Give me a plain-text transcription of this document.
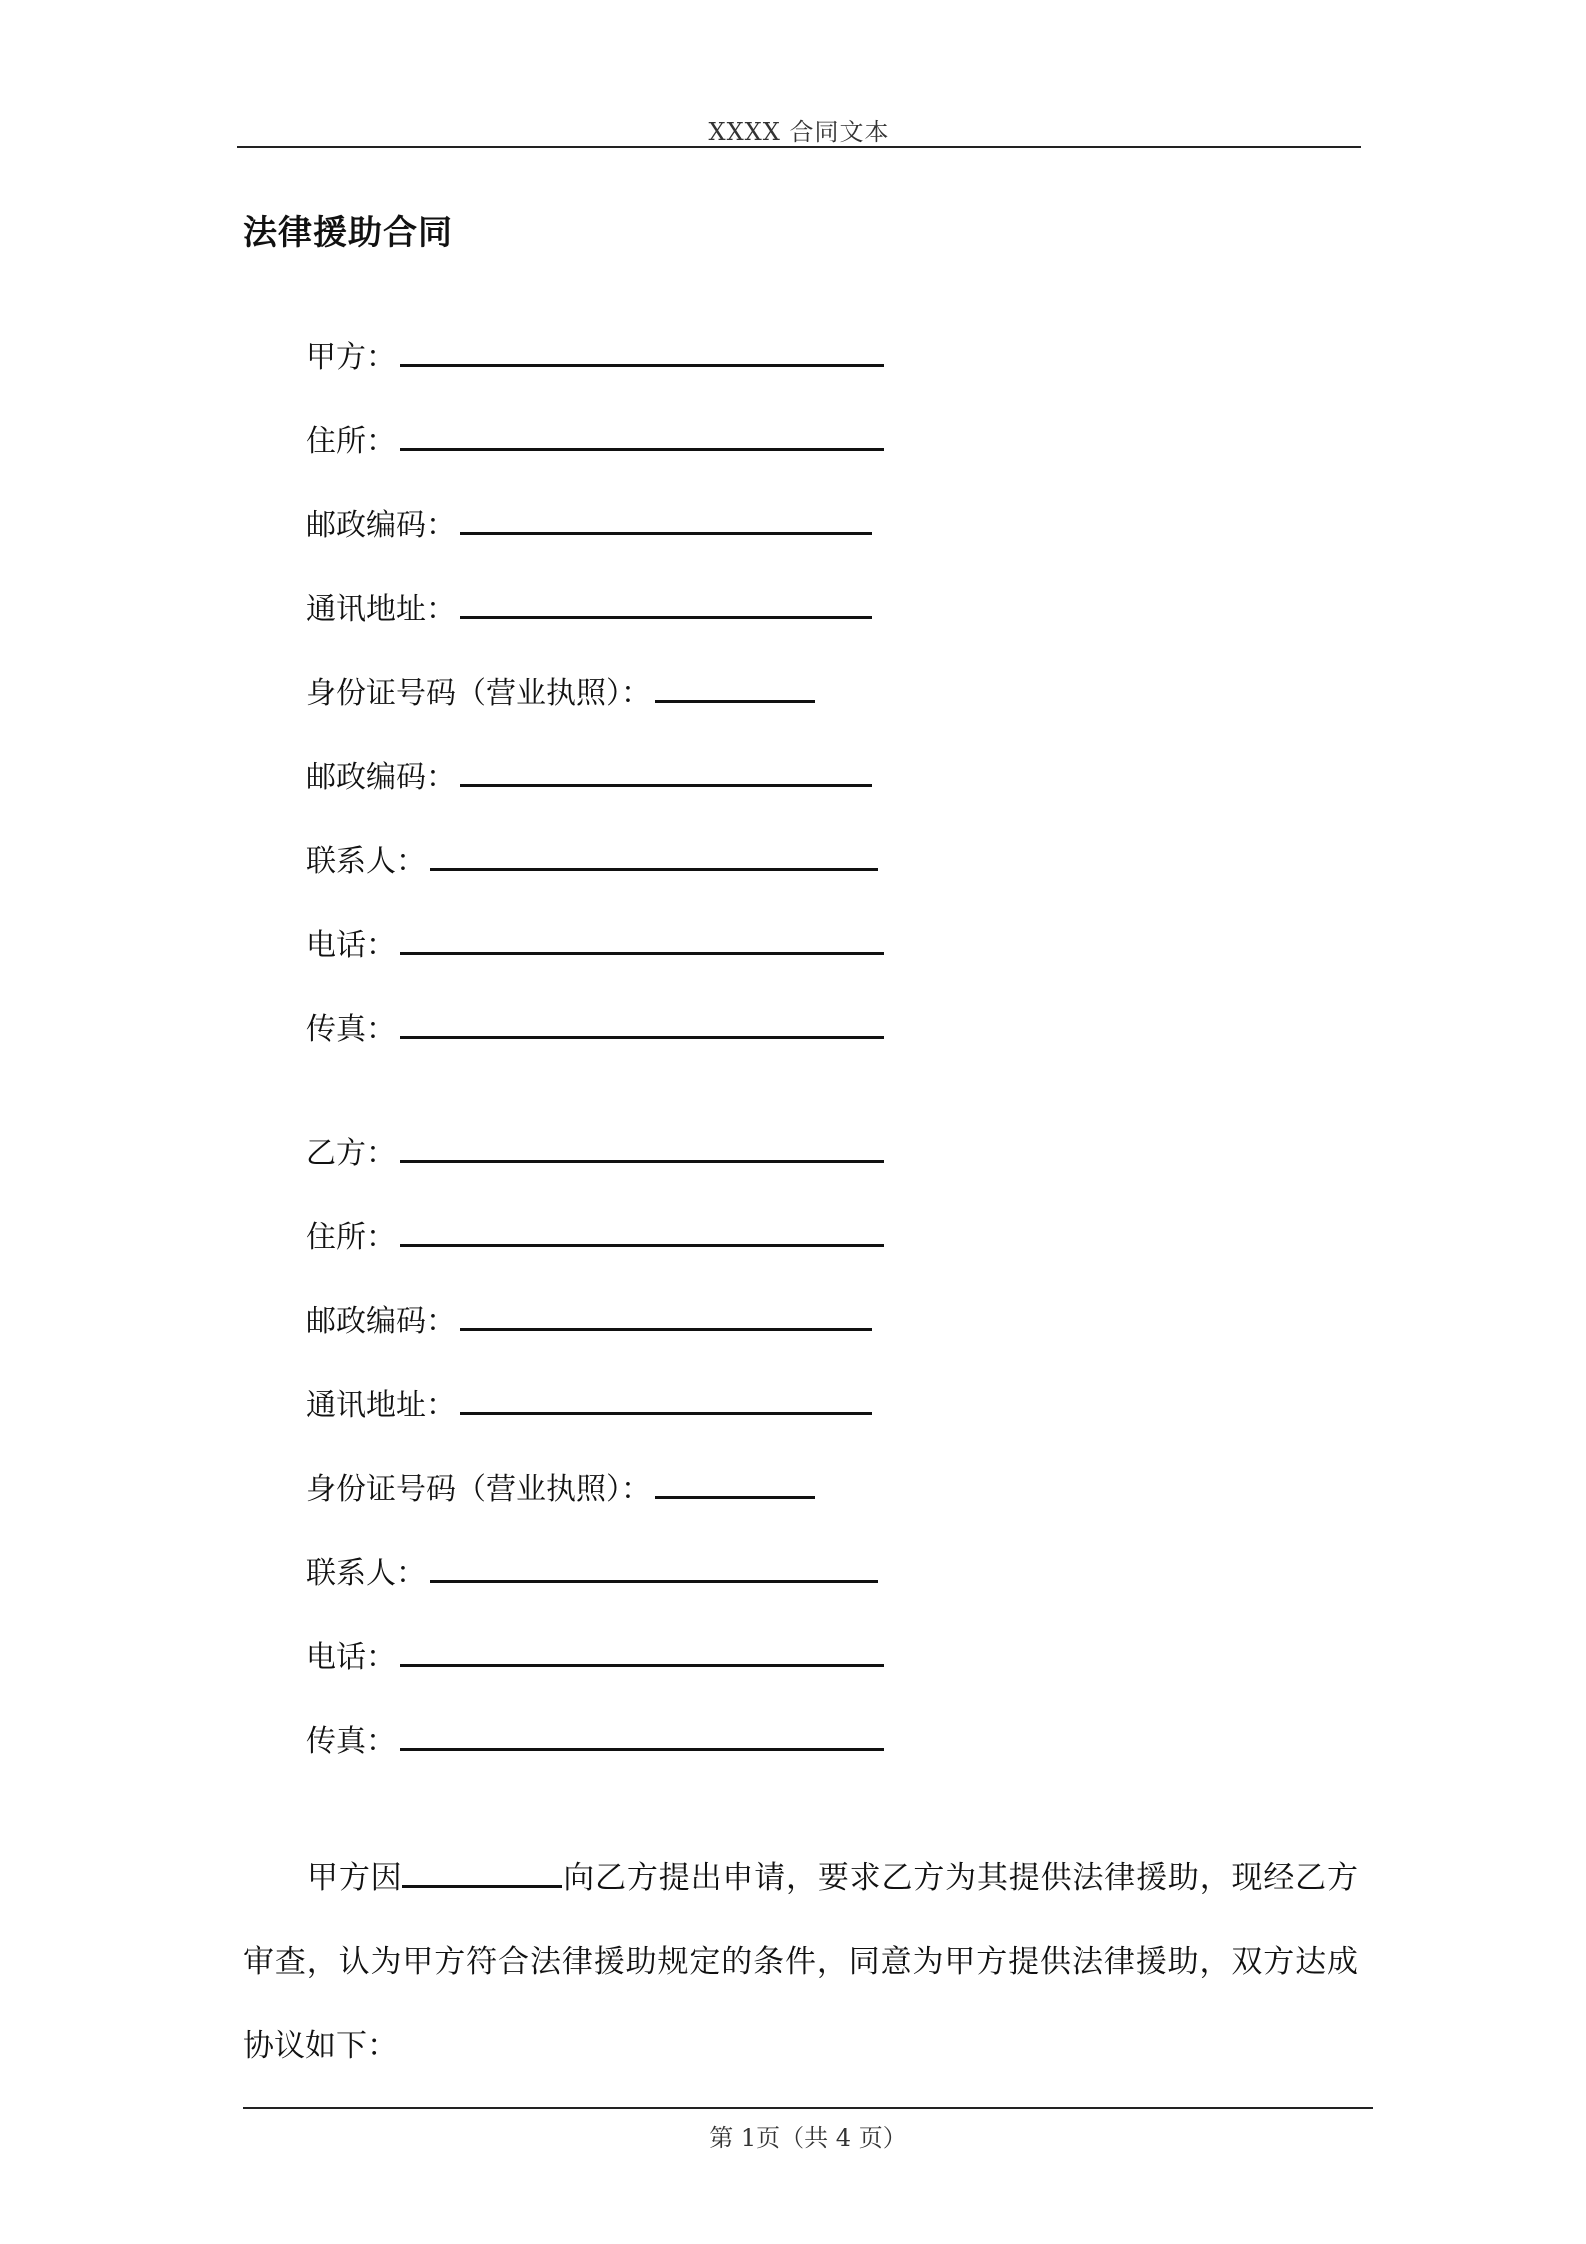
XXXX 合同文本
法律援助合同
甲方：
住所：
邮政编码：
通讯地址：
身份证号码（营业执照）：
邮政编码：
联系人：
电话：
传真：
乙方：
住所：
邮政编码：
通讯地址：
身份证号码（营业执照）：
联系人：
电话：
传真：
甲方因	向乙方提出申请，要求乙方为其提供法律援助，现经乙方审查，认为甲方符合法律援助规定的条件，同意为甲方提供法律援助，双方达成协议如下：
第 1页（共 4 页）
